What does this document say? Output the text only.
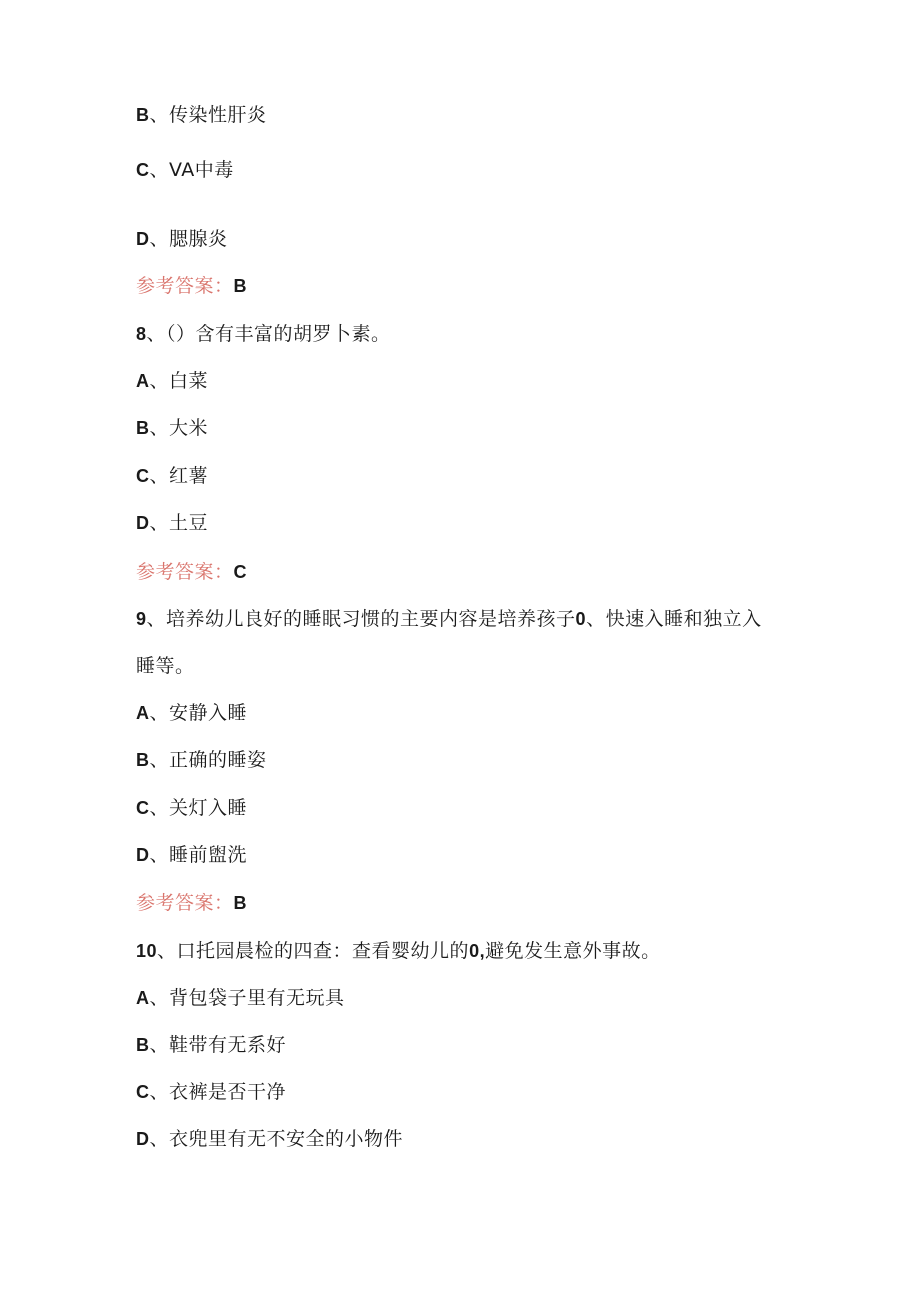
B、传染性肝炎
C、VA中毒
D、腮腺炎
参考答案：B
8、（）含有丰富的胡罗卜素。
A、白菜
B、大米
C、红薯
D、土豆
参考答案：C
9、培养幼儿良好的睡眠习惯的主要内容是培养孩子0、快速入睡和独立入
睡等。
A、安静入睡
B、正确的睡姿
C、关灯入睡
D、睡前盥洗
参考答案：B
10、口托园晨检的四查：查看婴幼儿的0,避免发生意外事故。
A、背包袋子里有无玩具
B、鞋带有无系好
C、衣裤是否干净
D、衣兜里有无不安全的小物件
